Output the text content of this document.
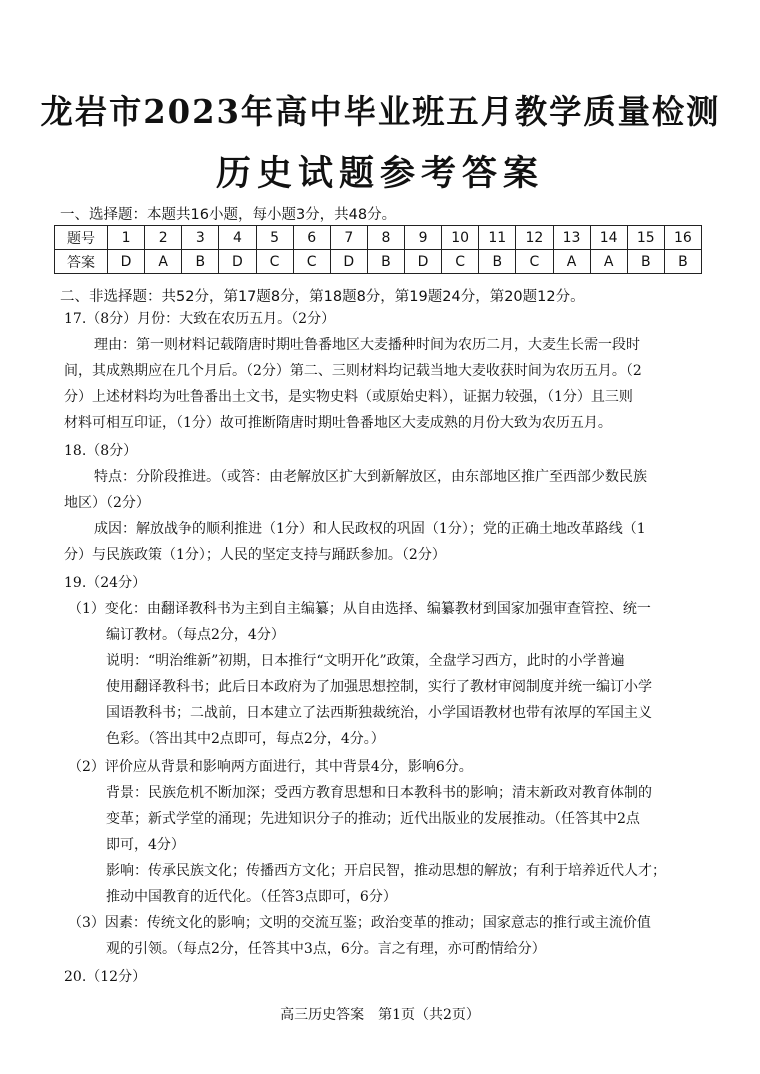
龙岩市2023年高中毕业班五月教学质量检测
历史试题参考答案
一、选择题：本题共16小题，每小题3分，共48分。
题号	1	2	3	4	5	6	7	8	9	10	11	12	13	14	15	16
答案	D	A	B	D	C	C	D	B	D	C	B	C	A	A	B	B
二、非选择题：共52分，第17题8分，第18题8分，第19题24分，第20题12分。
17.（8分）月份：大致在农历五月。（2分）
理由：第一则材料记载隋唐时期吐鲁番地区大麦播种时间为农历二月，大麦生长需一段时
间，其成熟期应在几个月后。（2分）第二、三则材料均记载当地大麦收获时间为农历五月。（2
分）上述材料均为吐鲁番出土文书，是实物史料（或原始史料），证据力较强，（1分）且三则
材料可相互印证，（1分）故可推断隋唐时期吐鲁番地区大麦成熟的月份大致为农历五月。
18.（8分）
特点：分阶段推进。（或答：由老解放区扩大到新解放区，由东部地区推广至西部少数民族
地区）（2分）
成因：解放战争的顺利推进（1分）和人民政权的巩固（1分）；党的正确土地改革路线（1
分）与民族政策（1分）；人民的坚定支持与踊跃参加。（2分）
19.（24分）
（1）变化：由翻译教科书为主到自主编纂；从自由选择、编纂教材到国家加强审查管控、统一
编订教材。（每点2分，4分）
说明：“明治维新”初期，日本推行“文明开化”政策，全盘学习西方，此时的小学普遍
使用翻译教科书；此后日本政府为了加强思想控制，实行了教材审阅制度并统一编订小学
国语教科书；二战前，日本建立了法西斯独裁统治，小学国语教材也带有浓厚的军国主义
色彩。（答出其中2点即可，每点2分，4分。）
（2）评价应从背景和影响两方面进行，其中背景4分，影响6分。
背景：民族危机不断加深；受西方教育思想和日本教科书的影响；清末新政对教育体制的
变革；新式学堂的涌现；先进知识分子的推动；近代出版业的发展推动。（任答其中2点
即可，4分）
影响：传承民族文化；传播西方文化；开启民智，推动思想的解放；有利于培养近代人才；
推动中国教育的近代化。（任答3点即可，6分）
（3）因素：传统文化的影响；文明的交流互鉴；政治变革的推动；国家意志的推行或主流价值
观的引领。（每点2分，任答其中3点，6分。言之有理，亦可酌情给分）
20.（12分）
高三历史答案　第1页（共2页）
